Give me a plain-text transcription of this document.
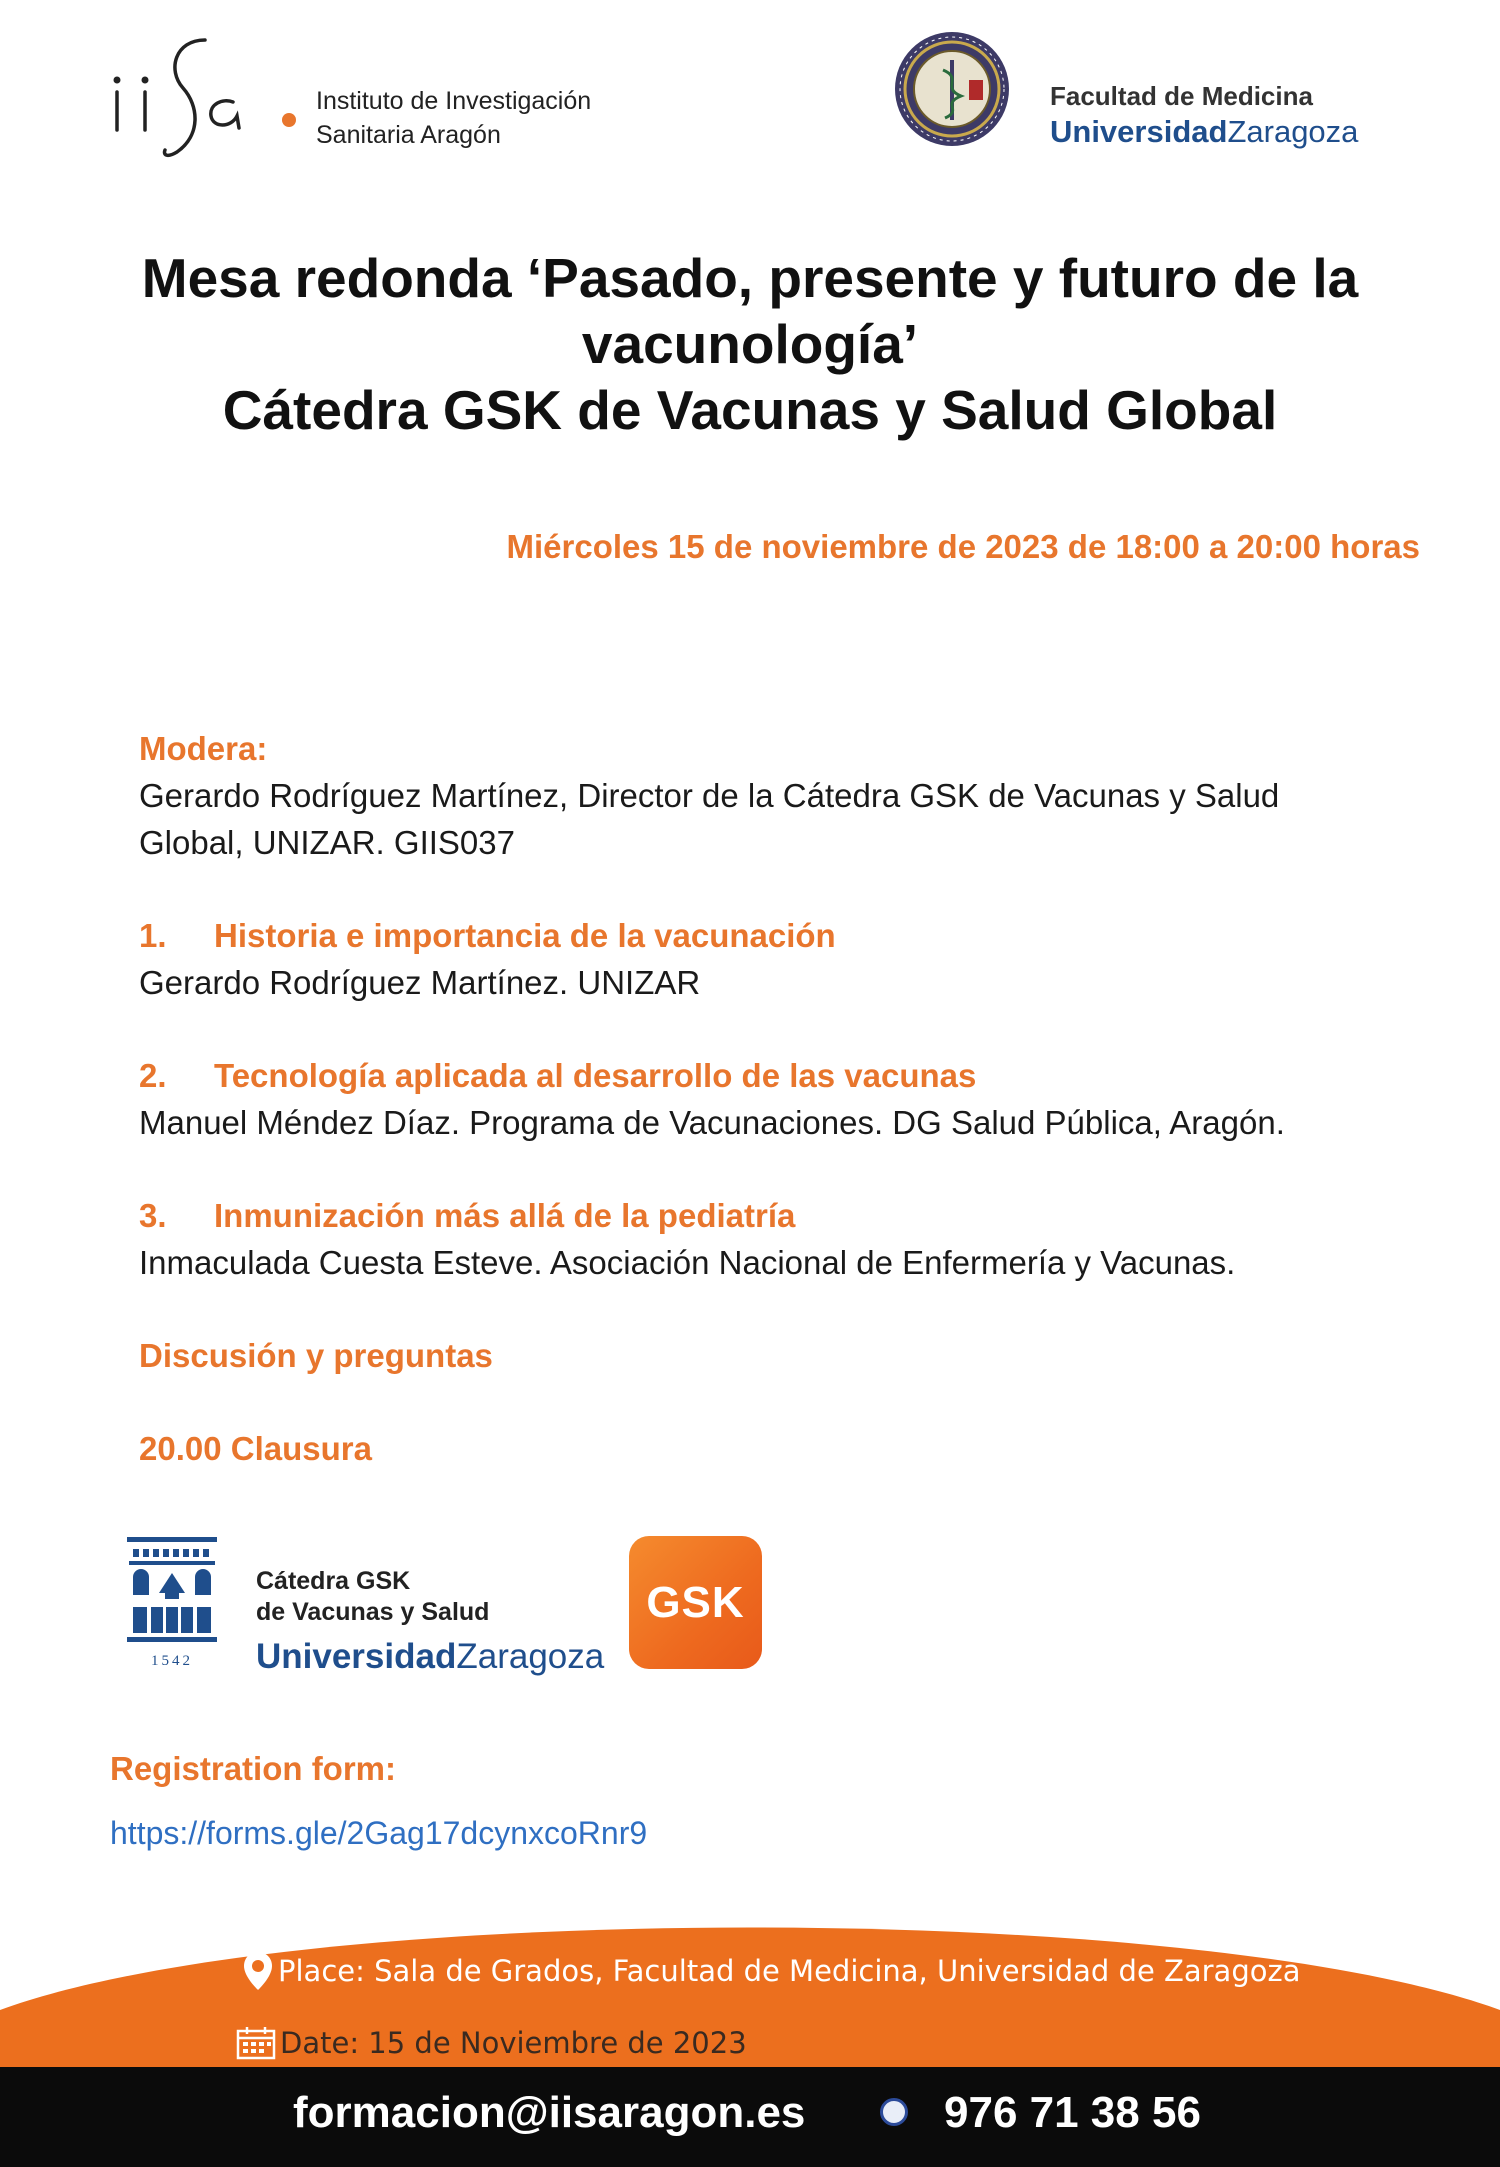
Instituto de Investigación
Sanitaria Aragón
Facultad de Medicina
UniversidadZaragoza
Mesa redonda ‘Pasado, presente y futuro de la
vacunología’
Cátedra GSK de Vacunas y Salud Global
Miércoles 15 de noviembre de 2023 de 18:00 a 20:00 horas
Modera:
Gerardo Rodríguez Martínez, Director de la Cátedra GSK de Vacunas y Salud
Global, UNIZAR. GIIS037
1.	Historia e importancia de la vacunación
Gerardo Rodríguez Martínez. UNIZAR
2.	Tecnología aplicada al desarrollo de las vacunas
Manuel Méndez Díaz. Programa de Vacunaciones. DG Salud Pública, Aragón.
3.	Inmunización más allá de la pediatría
Inmaculada Cuesta Esteve. Asociación Nacional de Enfermería y Vacunas.
Discusión y preguntas
20.00 Clausura
1542
Cátedra GSK
de Vacunas y Salud
UniversidadZaragoza
GSK
Registration form:
https://forms.gle/2Gag17dcynxcoRnr9
Place: Sala de Grados, Facultad de Medicina, Universidad de Zaragoza
Date: 15 de Noviembre de 2023
formacion@iisaragon.es	976 71 38 56
